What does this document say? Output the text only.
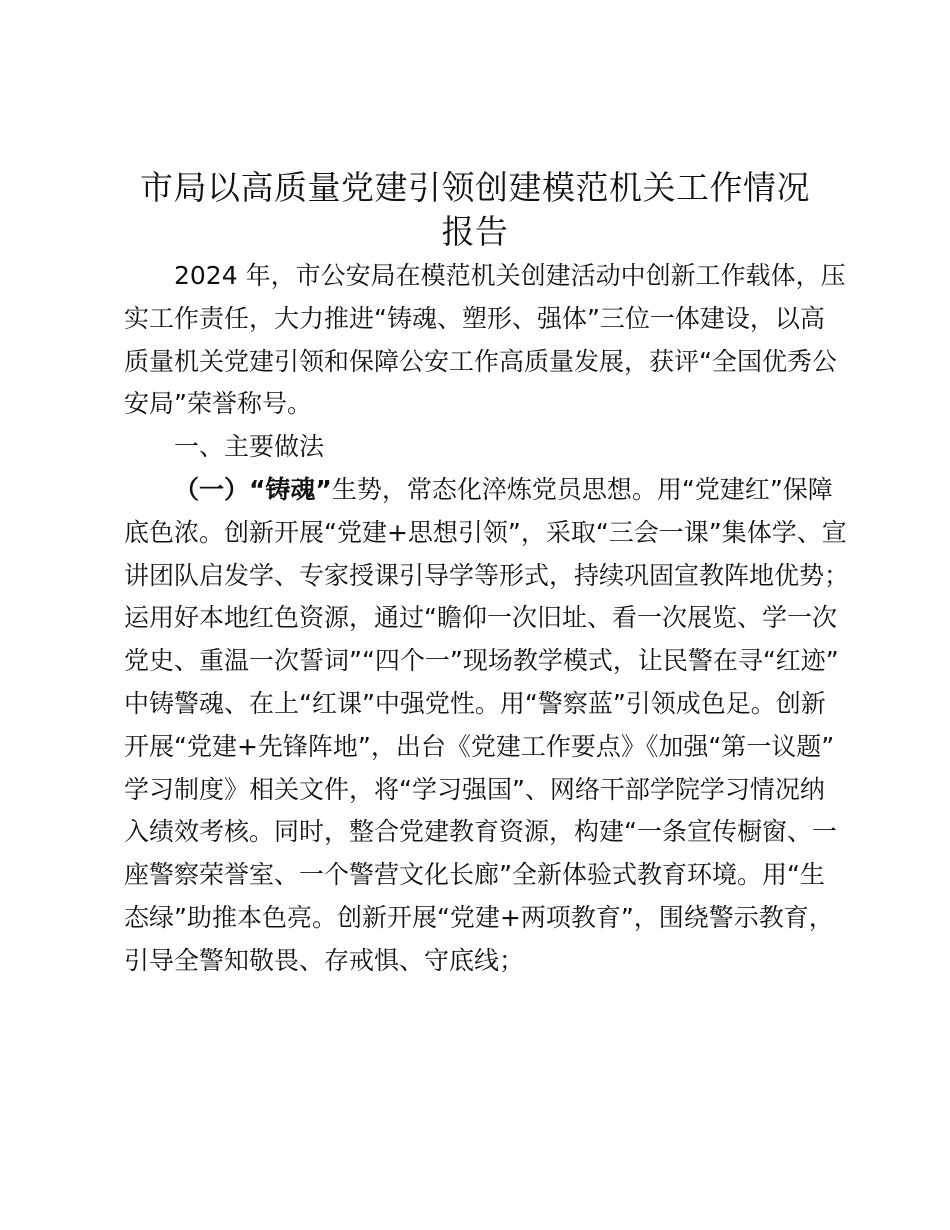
市局以高质量党建引领创建模范机关工作情况
报告
2024 年，市公安局在模范机关创建活动中创新工作载体，压
实工作责任，大力推进“铸魂、塑形、强体”三位一体建设，以高
质量机关党建引领和保障公安工作高质量发展，获评“全国优秀公
安局”荣誉称号。
一、主要做法
（一）“铸魂”生势，常态化淬炼党员思想。用“党建红”保障
底色浓。创新开展“党建+思想引领”，采取“三会一课”集体学、宣
讲团队启发学、专家授课引导学等形式，持续巩固宣教阵地优势；
运用好本地红色资源，通过“瞻仰一次旧址、看一次展览、学一次
党史、重温一次誓词”“四个一”现场教学模式，让民警在寻“红迹”
中铸警魂、在上“红课”中强党性。用“警察蓝”引领成色足。创新
开展“党建+先锋阵地”，出台《党建工作要点》《加强“第一议题”
学习制度》相关文件，将“学习强国”、网络干部学院学习情况纳
入绩效考核。同时，整合党建教育资源，构建“一条宣传橱窗、一
座警察荣誉室、一个警营文化长廊”全新体验式教育环境。用“生
态绿”助推本色亮。创新开展“党建+两项教育”，围绕警示教育，
引导全警知敬畏、存戒惧、守底线；
